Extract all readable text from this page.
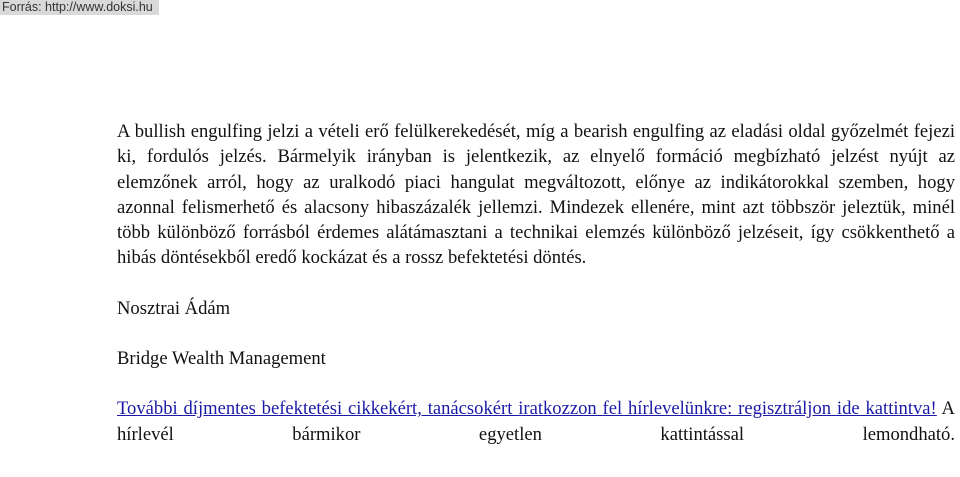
Forrás: http://www.doksi.hu

A bullish engulfing jelzi a vételi erő felülkerekedését, míg a bearish engulfing az eladási oldal győzelmét fejezi ki, fordulós jelzés. Bármelyik irányban is jelentkezik, az elnyelő formáció megbízható jelzést nyújt az elemzőnek arról, hogy az uralkodó piaci hangulat megváltozott, előnye az indikátorokkal szemben, hogy azonnal felismerhető és alacsony hibaszázalék jellemzi. Mindezek ellenére, mint azt többször jeleztük, minél több különböző forrásból érdemes alátámasztani a technikai elemzés különböző jelzéseit, így csökkenthető a hibás döntésekből eredő kockázat és a rossz befektetési döntés.

Nosztrai Ádám

Bridge Wealth Management

További díjmentes befektetési cikkekért, tanácsokért iratkozzon fel hírlevelünkre: regisztráljon ide kattintva! A hírlevél bármikor egyetlen kattintással lemondható.
